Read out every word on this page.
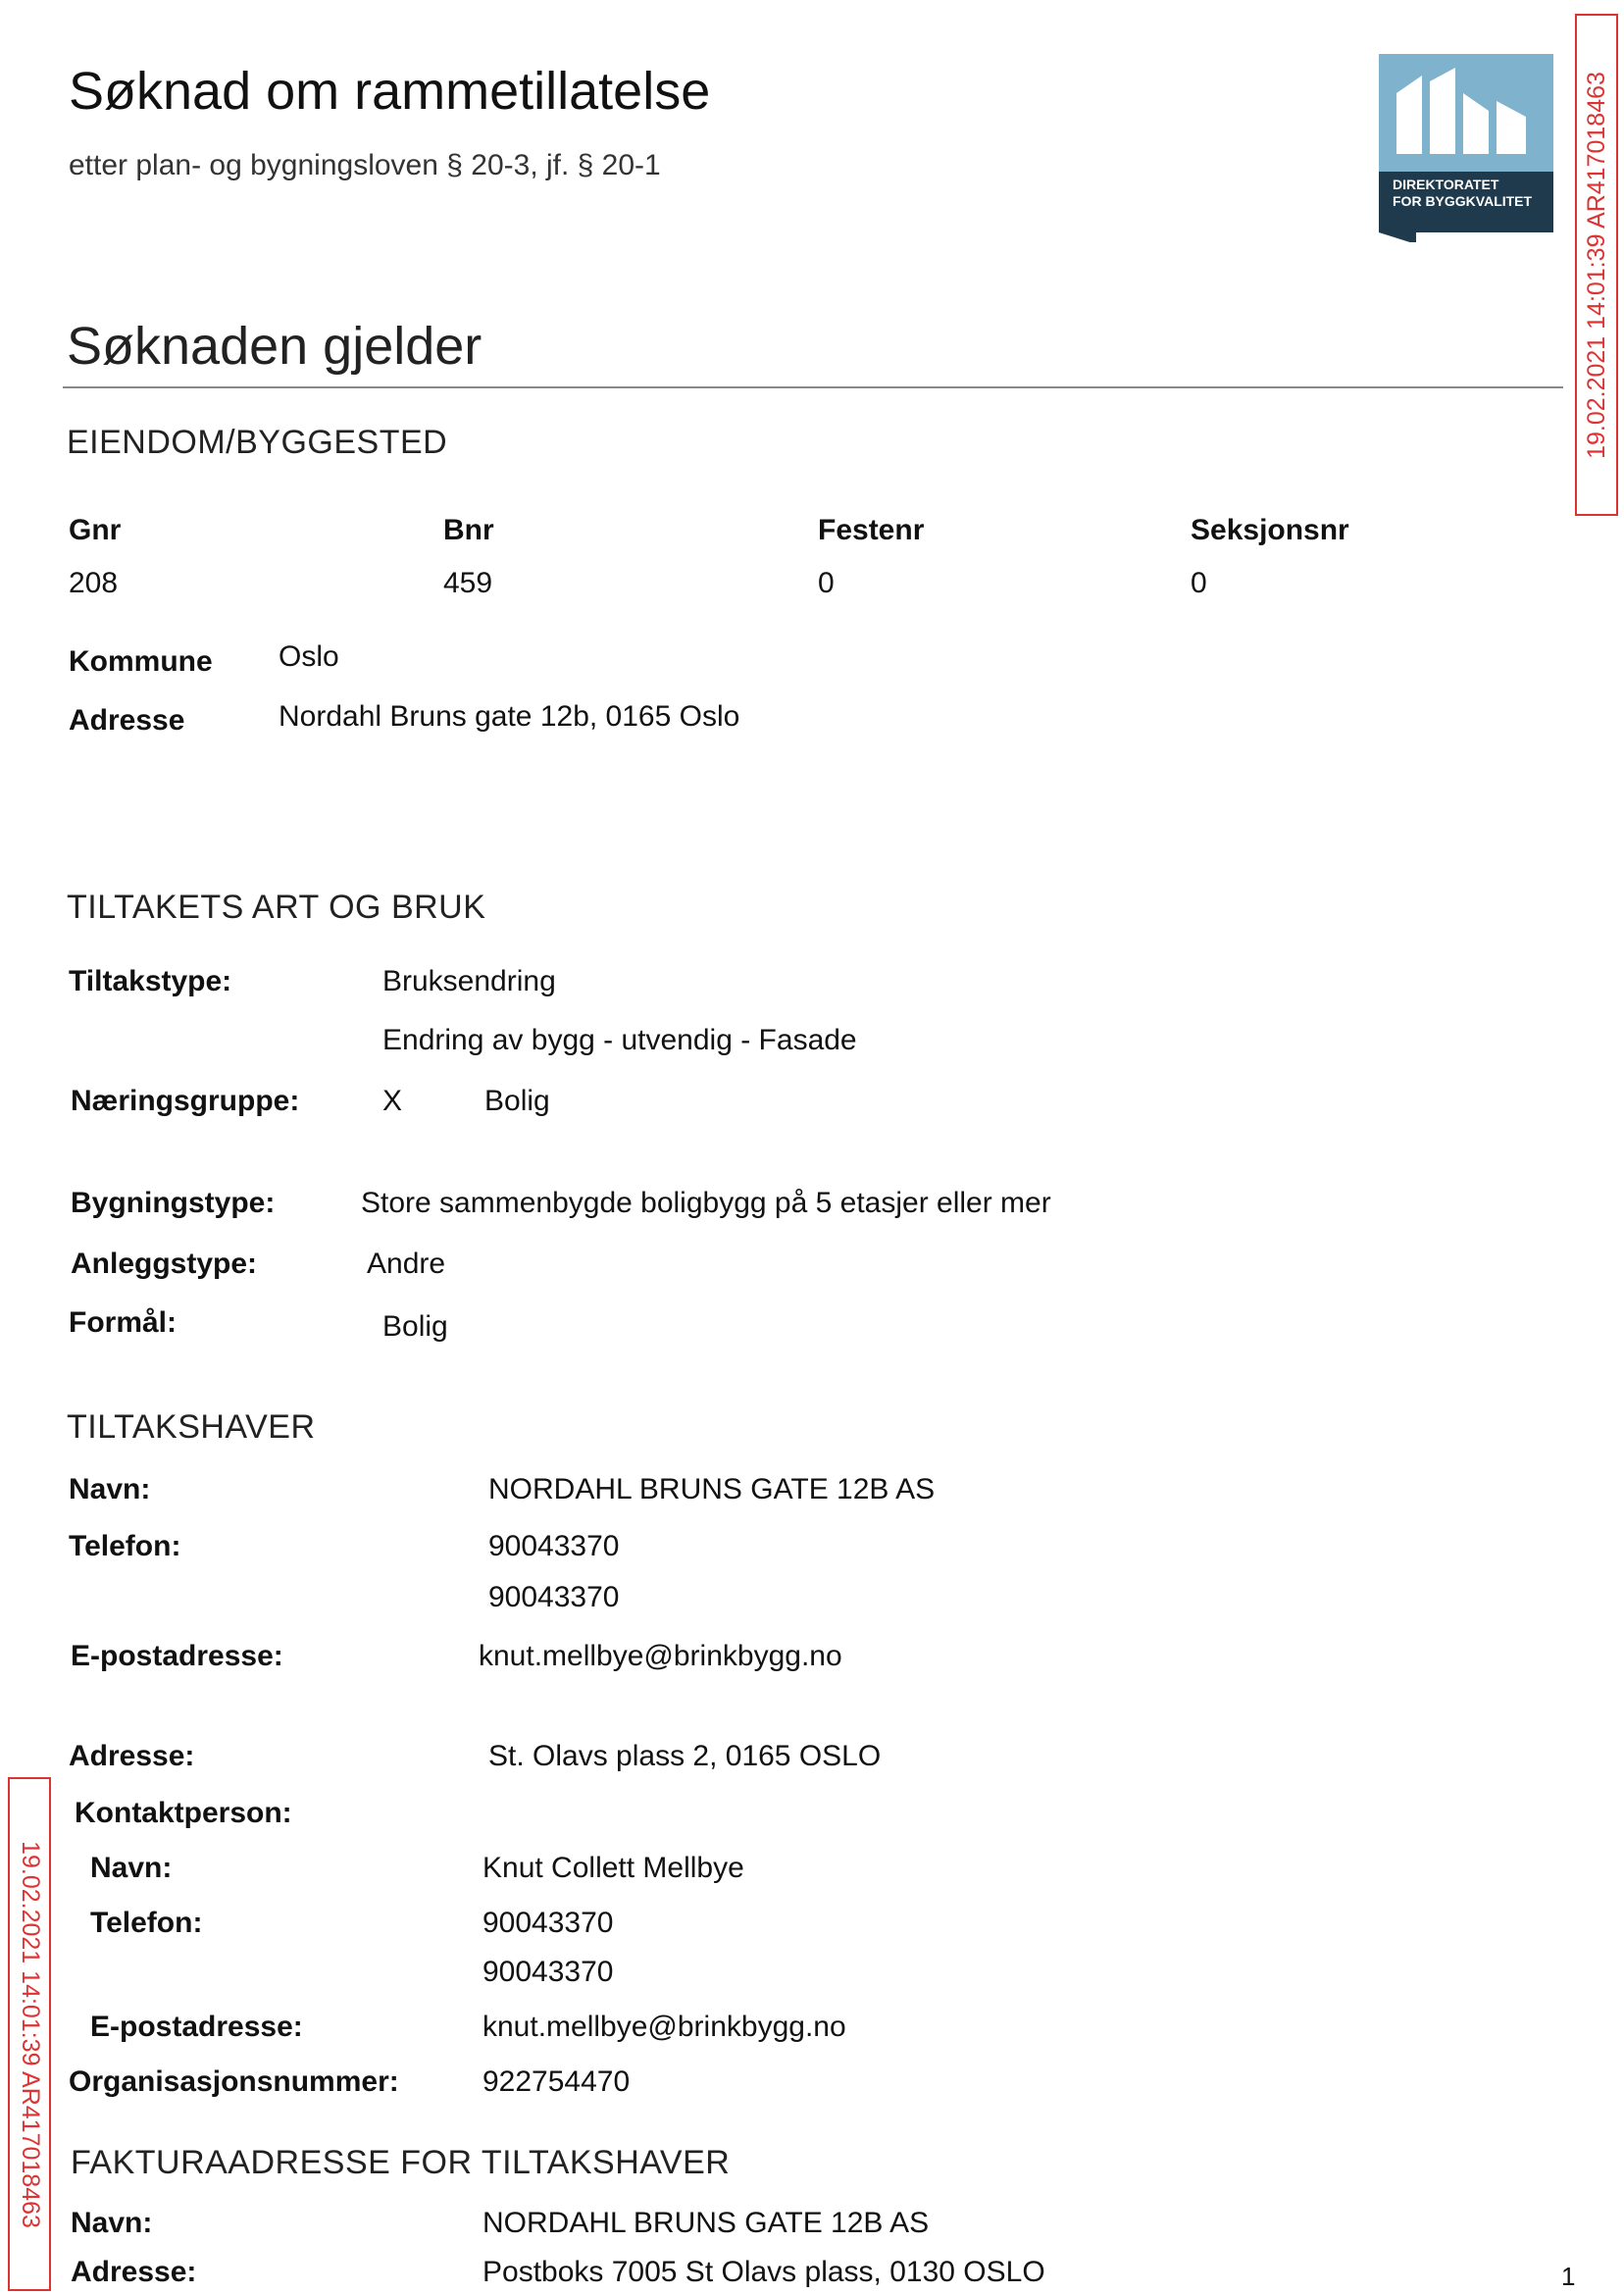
Søknad om rammetillatelse
etter plan- og bygningsloven § 20-3, jf. § 20-1
DIREKTORATET
FOR BYGGKVALITET 19.02.2021 14:01:39 AR417018463
19.02.2021 14:01:39 AR417018463
Søknaden gjelder
EIENDOM/BYGGESTED
Gnr	Bnr	Festenr	Seksjonsnr
208	459	0	0
Kommune Oslo
Adresse	Nordahl Bruns gate 12b, 0165 Oslo
TILTAKETS ART OG BRUK
Tiltakstype:	Bruksendring
Endring av bygg - utvendig - Fasade
Næringsgruppe:	X	Bolig
Bygningstype:	Store sammenbygde boligbygg på 5 etasjer eller mer
Anleggstype:	Andre
Formål:	Bolig
TILTAKSHAVER
Navn:	NORDAHL BRUNS GATE 12B AS
Telefon:	90043370
90043370
E-postadresse:	knut.mellbye@brinkbygg.no
Adresse:	St. Olavs plass 2, 0165 OSLO
Kontaktperson:
Navn:	Knut Collett Mellbye
Telefon:	90043370
90043370
E-postadresse:	knut.mellbye@brinkbygg.no
Organisasjonsnummer:	922754470
FAKTURAADRESSE FOR TILTAKSHAVER
Navn:	NORDAHL BRUNS GATE 12B AS
Adresse:	Postboks 7005 St Olavs plass, 0130 OSLO	1
